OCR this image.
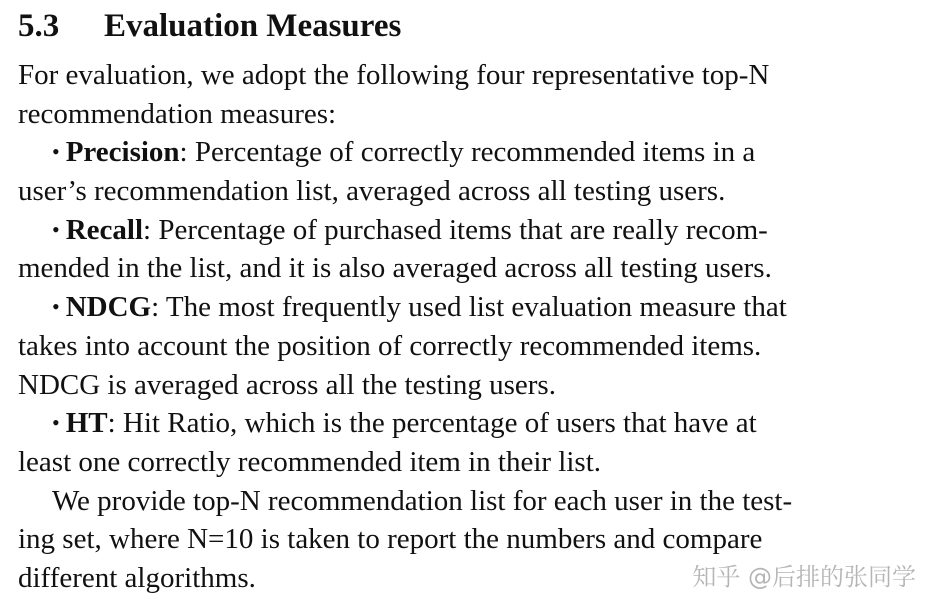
5.3 Evaluation Measures
For evaluation, we adopt the following four representative top-N
recommendation measures:
• Precision: Percentage of correctly recommended items in a
user’s recommendation list, averaged across all testing users.
• Recall: Percentage of purchased items that are really recom-
mended in the list, and it is also averaged across all testing users.
• NDCG: The most frequently used list evaluation measure that
takes into account the position of correctly recommended items.
NDCG is averaged across all the testing users.
• HT: Hit Ratio, which is the percentage of users that have at
least one correctly recommended item in their list.
We provide top-N recommendation list for each user in the test-
ing set, where N=10 is taken to report the numbers and compare
different algorithms.	知乎 @后排的张同学
